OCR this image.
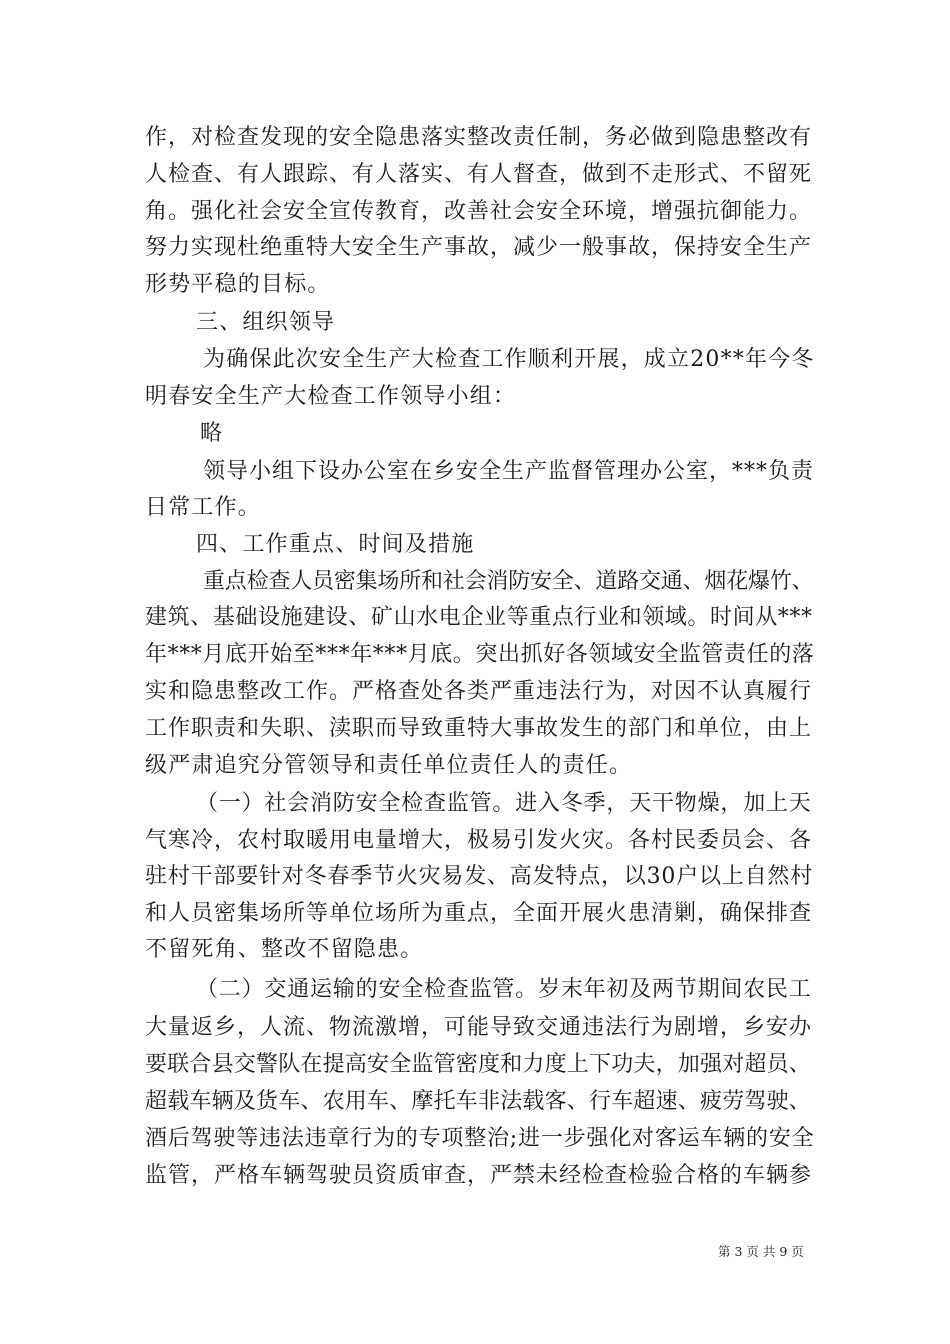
作，对检查发现的安全隐患落实整改责任制，务必做到隐患整改有
人检查、有人跟踪、有人落实、有人督查，做到不走形式、不留死
角。强化社会安全宣传教育，改善社会安全环境，增强抗御能力。
努力实现杜绝重特大安全生产事故，减少一般事故，保持安全生产
形势平稳的目标。
三、组织领导
为确保此次安全生产大检查工作顺利开展，成立20**年今冬
明春安全生产大检查工作领导小组：
略
领导小组下设办公室在乡安全生产监督管理办公室，***负责
日常工作。
四、工作重点、时间及措施
重点检查人员密集场所和社会消防安全、道路交通、烟花爆竹、
建筑、基础设施建设、矿山水电企业等重点行业和领域。时间从***
年***月底开始至***年***月底。突出抓好各领域安全监管责任的落
实和隐患整改工作。严格查处各类严重违法行为，对因不认真履行
工作职责和失职、渎职而导致重特大事故发生的部门和单位，由上
级严肃追究分管领导和责任单位责任人的责任。
（一）社会消防安全检查监管。进入冬季，天干物燥，加上天
气寒冷，农村取暖用电量增大，极易引发火灾。各村民委员会、各
驻村干部要针对冬春季节火灾易发、高发特点，以30户以上自然村
和人员密集场所等单位场所为重点，全面开展火患清剿，确保排查
不留死角、整改不留隐患。
（二）交通运输的安全检查监管。岁末年初及两节期间农民工
大量返乡，人流、物流激增，可能导致交通违法行为剧增，乡安办
要联合县交警队在提高安全监管密度和力度上下功夫，加强对超员、
超载车辆及货车、农用车、摩托车非法载客、行车超速、疲劳驾驶、
酒后驾驶等违法违章行为的专项整治;进一步强化对客运车辆的安全
监管，严格车辆驾驶员资质审查，严禁未经检查检验合格的车辆参
第 3 页 共 9 页
